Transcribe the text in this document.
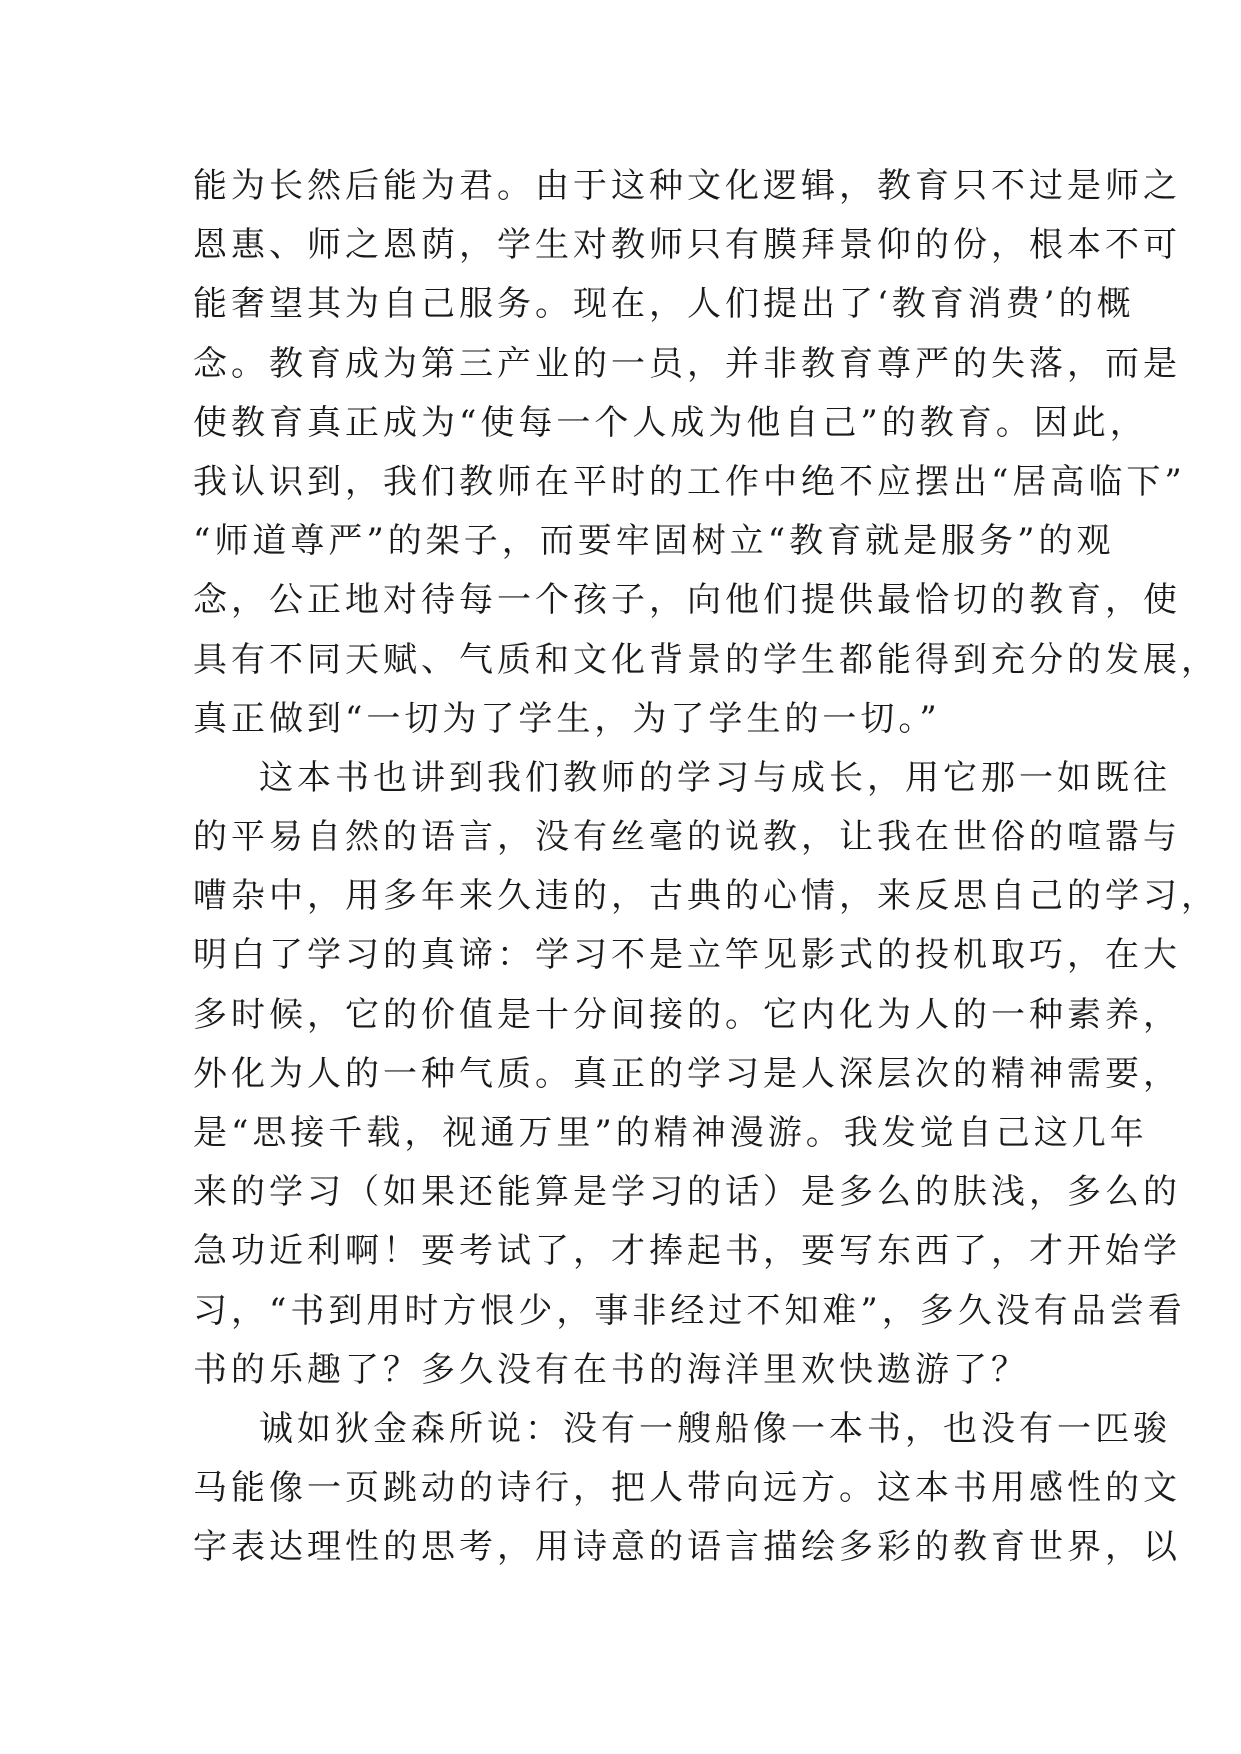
能为长然后能为君。由于这种文化逻辑，教育只不过是师之
恩惠、师之恩荫，学生对教师只有膜拜景仰的份，根本不可
能奢望其为自己服务。现在，人们提出了‘教育消费’的概
念。教育成为第三产业的一员，并非教育尊严的失落，而是
使教育真正成为“使每一个人成为他自己”的教育。因此，
我认识到，我们教师在平时的工作中绝不应摆出“居高临下”
“师道尊严”的架子，而要牢固树立“教育就是服务”的观
念，公正地对待每一个孩子，向他们提供最恰切的教育，使
具有不同天赋、气质和文化背景的学生都能得到充分的发展，
真正做到“一切为了学生，为了学生的一切。”
这本书也讲到我们教师的学习与成长，用它那一如既往
的平易自然的语言，没有丝毫的说教，让我在世俗的喧嚣与
嘈杂中，用多年来久违的，古典的心情，来反思自己的学习，
明白了学习的真谛：学习不是立竿见影式的投机取巧，在大
多时候，它的价值是十分间接的。它内化为人的一种素养，
外化为人的一种气质。真正的学习是人深层次的精神需要，
是“思接千载，视通万里”的精神漫游。我发觉自己这几年
来的学习（如果还能算是学习的话）是多么的肤浅，多么的
急功近利啊！要考试了，才捧起书，要写东西了，才开始学
习，“书到用时方恨少，事非经过不知难”，多久没有品尝看
书的乐趣了？多久没有在书的海洋里欢快遨游了？
诚如狄金森所说：没有一艘船像一本书，也没有一匹骏
马能像一页跳动的诗行，把人带向远方。这本书用感性的文
字表达理性的思考，用诗意的语言描绘多彩的教育世界，以
